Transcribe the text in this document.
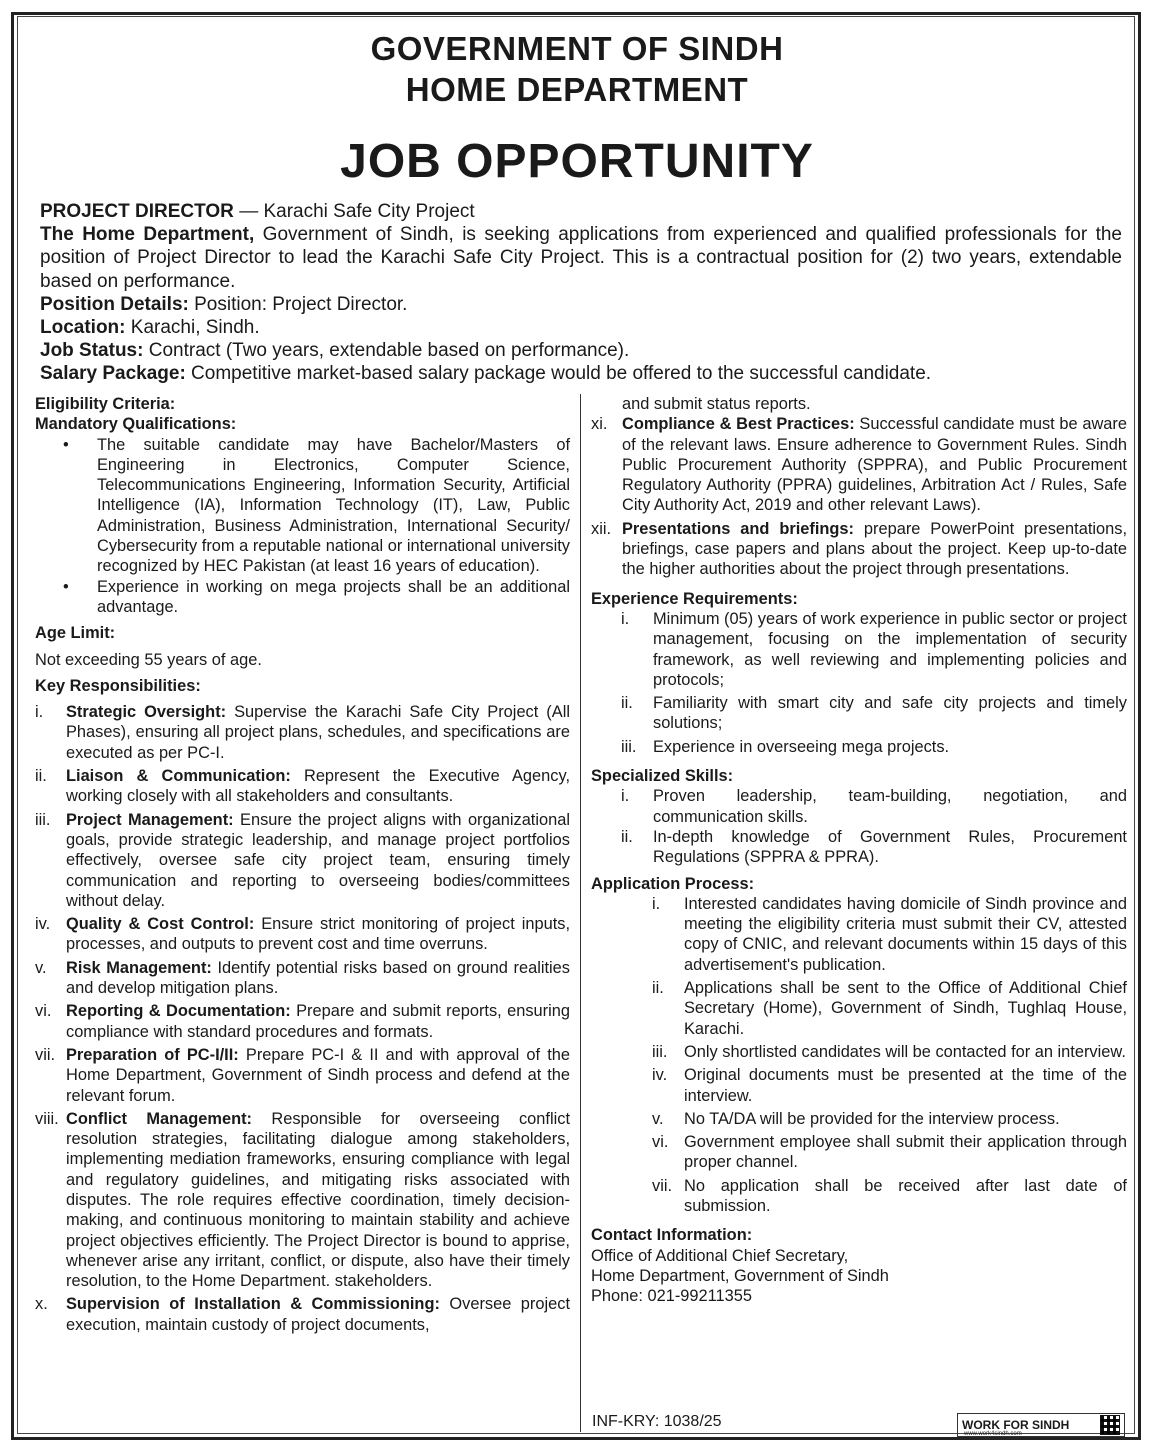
GOVERNMENT OF SINDH
HOME DEPARTMENT
JOB OPPORTUNITY

PROJECT DIRECTOR — Karachi Safe City Project

The Home Department, Government of Sindh, is seeking applications from experienced and qualified professionals for the position of Project Director to lead the Karachi Safe City Project. This is a contractual position for (2) two years, extendable based on performance.

Position Details: Position: Project Director.

Location: Karachi, Sindh.

Job Status: Contract (Two years, extendable based on performance).

Salary Package: Competitive market-based salary package would be offered to the successful candidate.

Eligibility Criteria:

Mandatory Qualifications:

•	The suitable candidate may have Bachelor/Masters of Engineering in Electronics, Computer Science, Telecommunications Engineering, Information Security, Artificial Intelligence (IA), Information Technology (IT), Law, Public Administration, Business Administration, International Security/ Cybersecurity from a reputable national or international university recognized by HEC Pakistan (at least 16 years of education).
•	Experience in working on mega projects shall be an additional advantage.

Age Limit:

Not exceeding 55 years of age.

Key Responsibilities:

i.	Strategic Oversight: Supervise the Karachi Safe City Project (All Phases), ensuring all project plans, schedules, and specifications are executed as per PC-I.
ii.	Liaison & Communication: Represent the Executive Agency, working closely with all stakeholders and consultants.
iii. Project Management: Ensure the project aligns with organizational goals, provide strategic leadership, and manage project portfolios effectively, oversee safe city project team, ensuring timely communication and reporting to overseeing bodies/committees without delay.
iv. Quality & Cost Control: Ensure strict monitoring of project inputs, processes, and outputs to prevent cost and time overruns.
v.	Risk Management: Identify potential risks based on ground realities and develop mitigation plans.
vi. Reporting & Documentation: Prepare and submit reports, ensuring compliance with standard procedures and formats.
vii. Preparation of PC-I/II: Prepare PC-I & II and with approval of the Home Department, Government of Sindh process and defend at the relevant forum.
viii. Conflict Management: Responsible for overseeing conflict resolution strategies, facilitating dialogue among stakeholders, implementing mediation frameworks, ensuring compliance with legal and regulatory guidelines, and mitigating risks associated with disputes. The role requires effective coordination, timely decision-making, and continuous monitoring to maintain stability and achieve project objectives efficiently. The Project Director is bound to apprise, whenever arise any irritant, conflict, or dispute, also have their timely resolution, to the Home Department. stakeholders.
x.	Supervision of Installation & Commissioning: Oversee project execution, maintain custody of project documents,
and submit status reports.
xi. Compliance & Best Practices: Successful candidate must be aware of the relevant laws. Ensure adherence to Government Rules. Sindh Public Procurement Authority (SPPRA), and Public Procurement Regulatory Authority (PPRA) guidelines, Arbitration Act / Rules, Safe City Authority Act, 2019 and other relevant Laws).
xii. Presentations and briefings: prepare PowerPoint presentations, briefings, case papers and plans about the project. Keep up-to-date the higher authorities about the project through presentations.

Experience Requirements:

i.	Minimum (05) years of work experience in public sector or project management, focusing on the implementation of security framework, as well reviewing and implementing policies and protocols;
ii.	Familiarity with smart city and safe city projects and timely solutions;
iii.	Experience in overseeing mega projects.

Specialized Skills:

i.	Proven leadership, team-building, negotiation, and communication skills.
ii.	In-depth knowledge of Government Rules, Procurement Regulations (SPPRA & PPRA).

Application Process:

i.	Interested candidates having domicile of Sindh province and meeting the eligibility criteria must submit their CV, attested copy of CNIC, and relevant documents within 15 days of this advertisement's publication.
ii.	Applications shall be sent to the Office of Additional Chief Secretary (Home), Government of Sindh, Tughlaq House, Karachi.
iii.	Only shortlisted candidates will be contacted for an interview.
iv.	Original documents must be presented at the time of the interview.
v.	No TA/DA will be provided for the interview process.
vi. Government employee shall submit their application through proper channel.
vii. No application shall be received after last date of submission.

Contact Information:

Office of Additional Chief Secretary,
Home Department, Government of Sindh
Phone: 021-99211355
INF-KRY: 1038/25	WORK FOR SINDH
www.work4sindh.com
